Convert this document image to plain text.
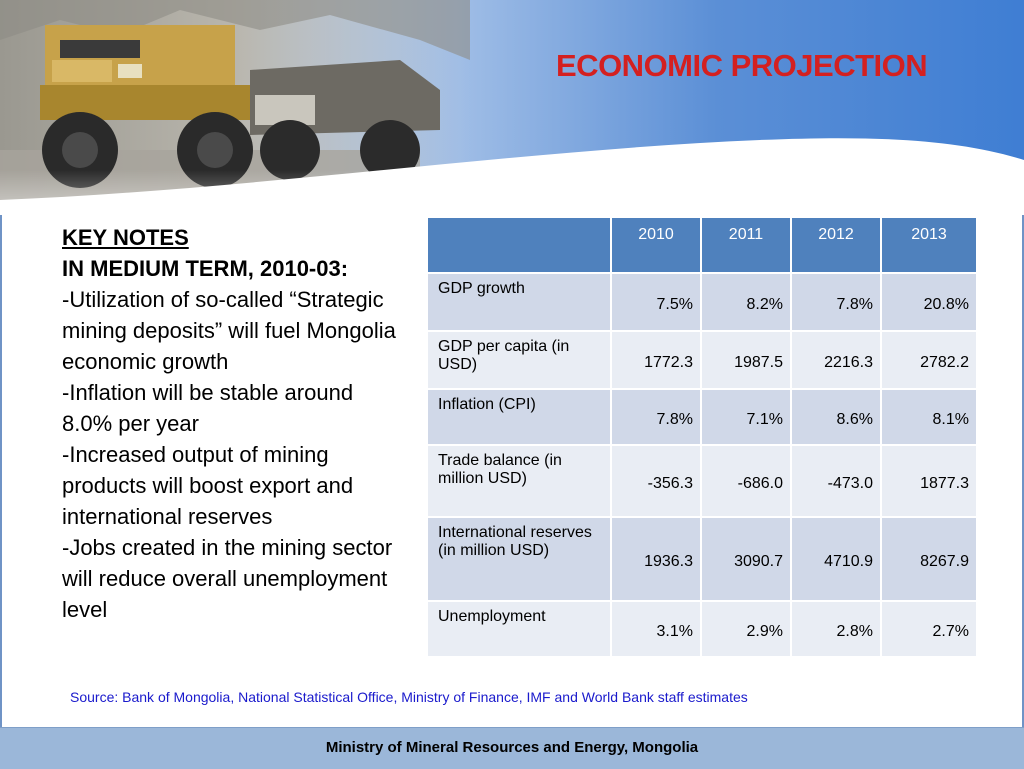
ECONOMIC PROJECTION
KEY NOTES
IN MEDIUM TERM, 2010-03:
-Utilization of so-called “Strategic mining deposits” will fuel Mongolia economic growth
-Inflation will be stable around 8.0% per year
-Increased output of mining products will boost export and international reserves
-Jobs created in the mining sector will reduce overall unemployment level
	2010	2011	2012	2013
GDP growth	7.5%	8.2%	7.8%	20.8%
GDP per capita (in USD)	1772.3	1987.5	2216.3	2782.2
Inflation (CPI)	7.8%	7.1%	8.6%	8.1%
Trade balance (in million USD)	-356.3	-686.0	-473.0	1877.3
International reserves (in million USD)	1936.3	3090.7	4710.9	8267.9
Unemployment	3.1%	2.9%	2.8%	2.7%
Source: Bank of Mongolia, National Statistical Office, Ministry of Finance, IMF and World Bank staff estimates
Ministry of Mineral Resources and Energy, Mongolia
